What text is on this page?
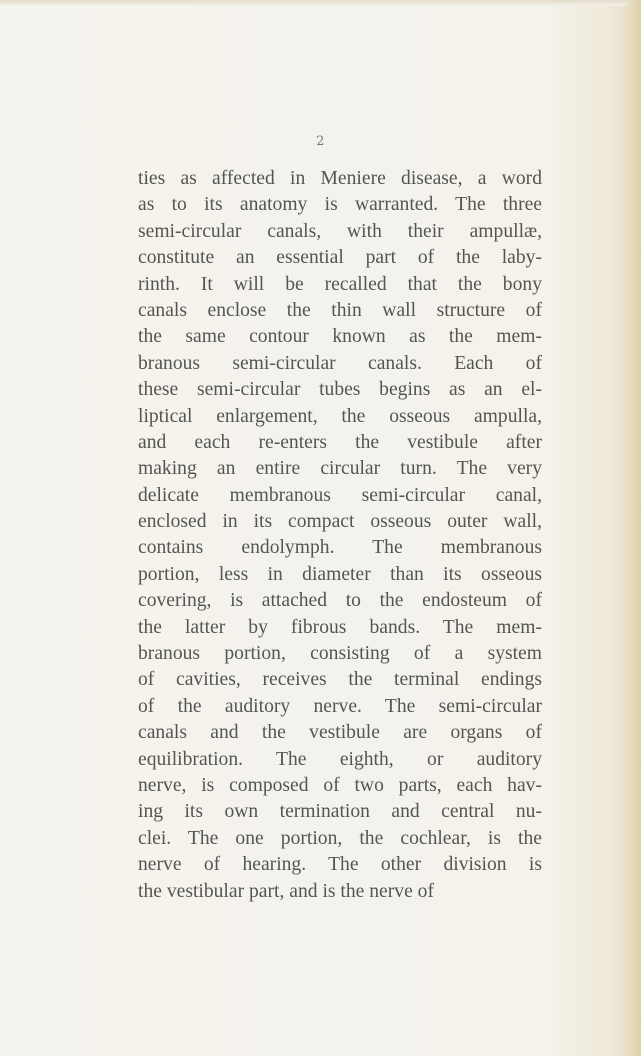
2
ties as affected in Meniere disease, a word
as to its anatomy is warranted. The three
semi-circular canals, with their ampullæ,
constitute an essential part of the laby-
rinth. It will be recalled that the bony
canals enclose the thin wall structure of
the same contour known as the mem-
branous semi-circular canals. Each of
these semi-circular tubes begins as an el-
liptical enlargement, the osseous ampulla,
and each re-enters the vestibule after
making an entire circular turn. The very
delicate membranous semi-circular canal,
enclosed in its compact osseous outer wall,
contains endolymph. The membranous
portion, less in diameter than its osseous
covering, is attached to the endosteum of
the latter by fibrous bands. The mem-
branous portion, consisting of a system
of cavities, receives the terminal endings
of the auditory nerve. The semi-circular
canals and the vestibule are organs of
equilibration. The eighth, or auditory
nerve, is composed of two parts, each hav-
ing its own termination and central nu-
clei. The one portion, the cochlear, is the
nerve of hearing. The other division is
the vestibular part, and is the nerve of
